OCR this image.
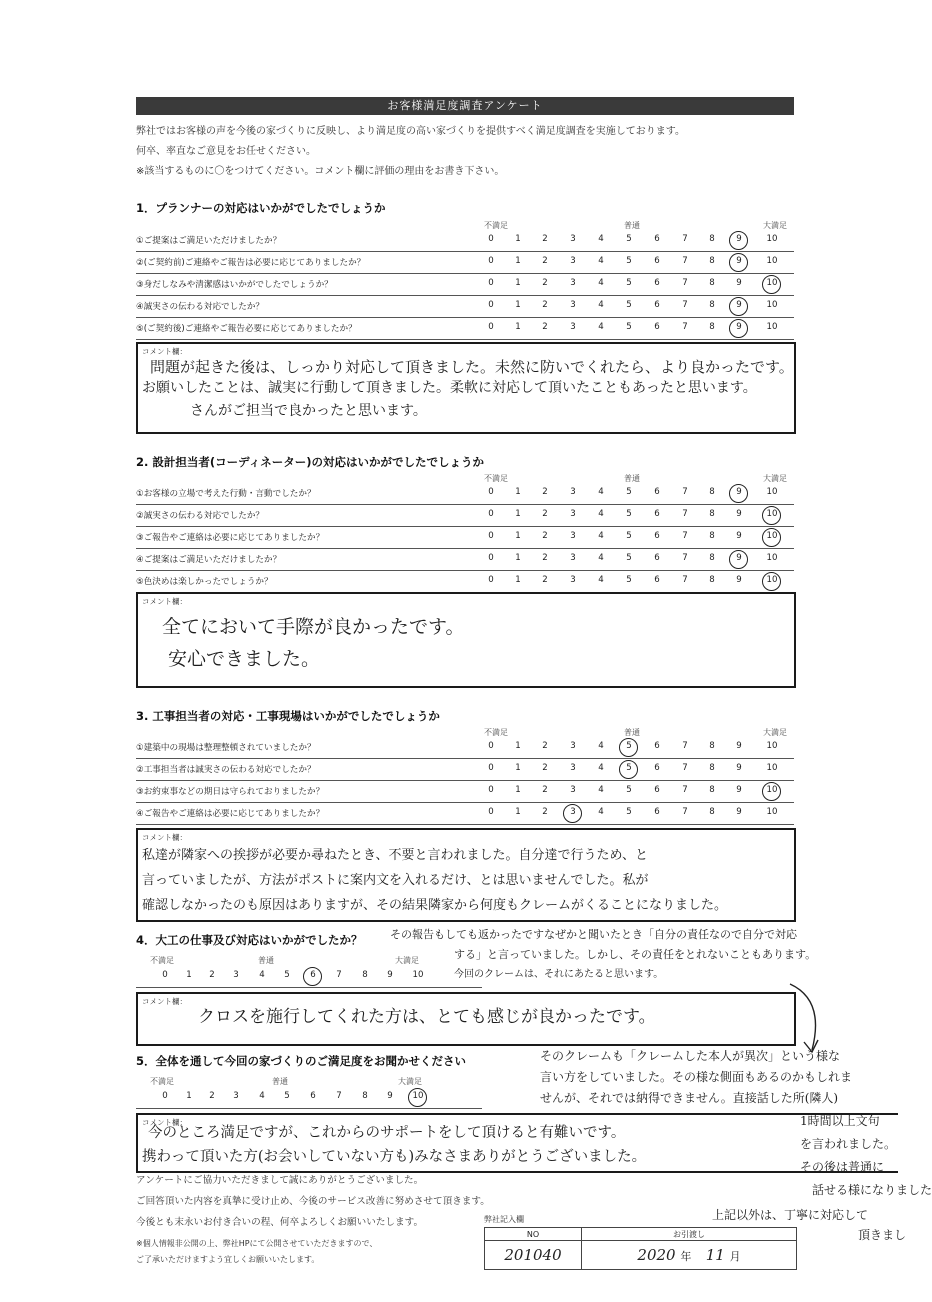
お客様満足度調査アンケート
弊社ではお客様の声を今後の家づくりに反映し、より満足度の高い家づくりを提供すべく満足度調査を実施しております。
何卒、率直なご意見をお任せください。
※該当するものに〇をつけてください。コメント欄に評価の理由をお書き下さい。
1．プランナーの対応はいかがでしたでしょうか
不満足	普通	大満足
①ご提案はご満足いただけましたか？	0	1	2	3	4	5	6	7	8	9	10
②(ご契約前)ご連絡やご報告は必要に応じてありましたか？	0	1	2	3	4	5	6	7	8	9	10
③身だしなみや清潔感はいかがでしたでしょうか？	0	1	2	3	4	5	6	7	8	9	10
④誠実さの伝わる対応でしたか？	0	1	2	3	4	5	6	7	8	9	10
⑤(ご契約後)ご連絡やご報告必要に応じてありましたか？	0	1	2	3	4	5	6	7	8	9	10
コメント欄：
問題が起きた後は、しっかり対応して頂きました。未然に防いでくれたら、より良かったです。
お願いしたことは、誠実に行動して頂きました。柔軟に対応して頂いたこともあったと思います。
さんがご担当で良かったと思います。
2. 設計担当者(コーディネーター)の対応はいかがでしたでしょうか
不満足	普通	大満足
①お客様の立場で考えた行動・言動でしたか？	0	1	2	3	4	5	6	7	8	9	10
②誠実さの伝わる対応でしたか？	0	1	2	3	4	5	6	7	8	9	10
③ご報告やご連絡は必要に応じてありましたか？	0	1	2	3	4	5	6	7	8	9	10
④ご提案はご満足いただけましたか？	0	1	2	3	4	5	6	7	8	9	10
⑤色決めは楽しかったでしょうか？	0	1	2	3	4	5	6	7	8	9	10
コメント欄：
全てにおいて手際が良かったです。
安心できました。
3. 工事担当者の対応・工事現場はいかがでしたでしょうか
不満足	普通	大満足
①建築中の現場は整理整頓されていましたか？	0	1	2	3	4	5	6	7	8	9	10
②工事担当者は誠実さの伝わる対応でしたか？	0	1	2	3	4	5	6	7	8	9	10
③お約束事などの期日は守られておりましたか？	0	1	2	3	4	5	6	7	8	9	10
④ご報告やご連絡は必要に応じてありましたか？	0	1	2	3	4	5	6	7	8	9	10
コメント欄：
私達が隣家への挨拶が必要か尋ねたとき、不要と言われました。自分達で行うため、と
言っていましたが、方法がポストに案内文を入れるだけ、とは思いませんでした。私が
確認しなかったのも原因はありますが、その結果隣家から何度もクレームがくることになりました。
4．大工の仕事及び対応はいかがでしたか？
不満足	普通	大満足
0	1	2	3	4	5	6	7	8	9	10
コメント欄：
クロスを施行してくれた方は、とても感じが良かったです。
5．全体を通して今回の家づくりのご満足度をお聞かせください
不満足	普通	大満足
0	1	2	3	4	5	6	7	8	9	10
コメント欄：
今のところ満足ですが、これからのサポートをして頂けると有難いです。
携わって頂いた方(お会いしていない方も)みなさまありがとうございました。
その報告もしても返かったですなぜかと聞いたとき「自分の責任なので自分で対応
する」と言っていました。しかし、その責任をとれないこともあります。
今回のクレームは、それにあたると思います。
そのクレームも「クレームした本人が異次」という様な
言い方をしていました。その様な側面もあるのかもしれま
せんが、それでは納得できません。直接話した所(隣人)
1時間以上文句
を言われました。
その後は普通に
話せる様になりました
上記以外は、丁寧に対応して
頂きまし
アンケートにご協力いただきまして誠にありがとうございました。
ご回答頂いた内容を真摯に受け止め、今後のサービス改善に努めさせて頂きます。
今後とも末永いお付き合いの程、何卒よろしくお願いいたします。
※個人情報非公開の上、弊社HPにて公開させていただきますので、
ご了承いただけますよう宜しくお願いいたします。
弊社記入欄
NO	お引渡し
201040	2020 年 11 月
